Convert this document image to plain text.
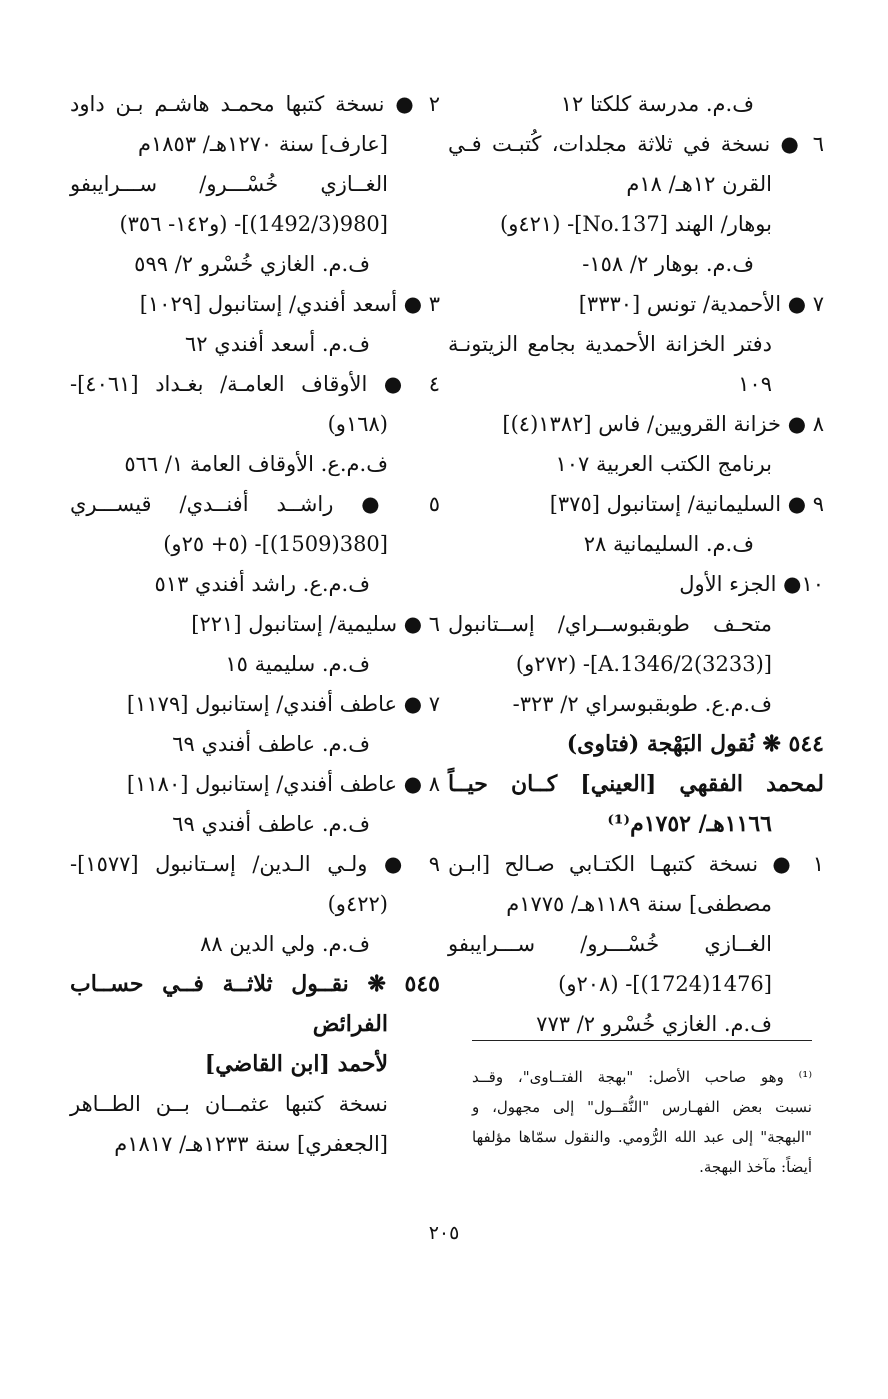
ف.م. مدرسة كلكتا ١٢
٦ ● نسخة في ثلاثة مجلدات، كُتبـت فـي
القرن ١٢هـ/ ١٨م
بوهار/ الهند [No.137]- (٤٢١و)
ف.م. بوهار ٢/ ١٥٨-
٧ ● الأحمدية/ تونس [٣٣٣٠]
دفتر الخزانة الأحمدية بجامع الزيتونـة
١٠٩
٨ ● خزانة القرويين/ فاس [١٣٨٢(٤)]
برنامج الكتب العربية ١٠٧
٩ ● السليمانية/ إستانبول [٣٧٥]
ف.م. السليمانية ٢٨
١٠● الجزء الأول
متحـف طوبقبوســراي/ إســتانبول
[A.1346/2(3233)]- (٢٧٢و)
ف.م.ع. طوبقبوسراي ٢/ ٣٢٣-
٥٤٤ ❋ نُقول البَهْجة (فتاوى)
لمحمد الفقهي [العيني] كــان حيــاً
١١٦٦هـ/ ١٧٥٢م⁽¹⁾
١ ● نسخة كتبهـا الكتـابي صـالح [ابـن
مصطفى] سنة ١١٨٩هـ/ ١٧٧٥م
الغــازي خُسْـــرو/ ســـرايبفو
[1476(1724)]- (٢٠٨و)
ف.م. الغازي خُسْرو ٢/ ٧٧٣
٢ ● نسخة كتبها محمـد هاشـم بـن داود
[عارف] سنة ١٢٧٠هـ/ ١٨٥٣م
الغــازي خُسْـــرو/ ســـرايبفو
[980(1492/3)]- (و١٤٢- ٣٥٦)
ف.م. الغازي خُسْرو ٢/ ٥٩٩
٣ ● أسعد أفندي/ إستانبول [١٠٢٩]
ف.م. أسعد أفندي ٦٢
٤ ● الأوقاف العامـة/ بغـداد [٤٠٦١]-
(١٦٨و)
ف.م.ع. الأوقاف العامة ١/ ٥٦٦
٥ ● راشــد أفنــدي/ قيســـري
[380(1509)]- (٥+ ٢٥و)
ف.م.ع. راشد أفندي ٥١٣
٦ ● سليمية/ إستانبول [٢٢١]
ف.م. سليمية ١٥
٧ ● عاطف أفندي/ إستانبول [١١٧٩]
ف.م. عاطف أفندي ٦٩
٨ ● عاطف أفندي/ إستانبول [١١٨٠]
ف.م. عاطف أفندي ٦٩
٩ ● ولـي الـدين/ إسـتانبول [١٥٧٧]-
(٤٢٢و)
ف.م. ولي الدين ٨٨
٥٤٥ ❋ نقــول ثلاثــة فــي حســاب
الفرائض
لأحمد [ابن القاضي]
نسخة كتبها عثمــان بــن الطــاهر
[الجعفري] سنة ١٢٣٣هـ/ ١٨١٧م
⁽¹⁾ وهو صاحب الأصل: "بهجة الفتــاوى"، وقــد
نسبت بعض الفهـارس "النُّقــول" إلى مجهول، و
"البهجة" إلى عبد الله الرُّومي. والنقول سمّاها مؤلفها
أيضاً: مآخذ البهجة.
٢٠٥
